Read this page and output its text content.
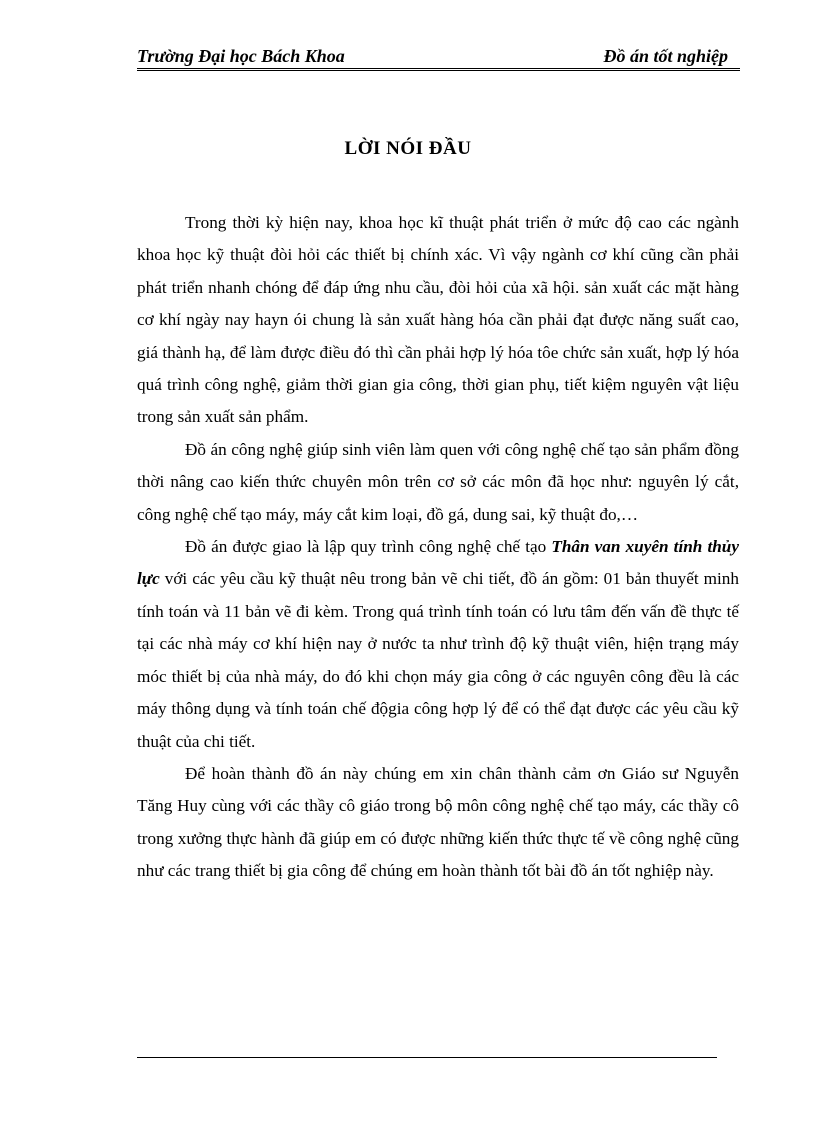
Trường Đại học Bách Khoa	Đồ án tốt nghiệp
LỜI NÓI ĐẦU

Trong thời kỳ hiện nay, khoa học kĩ thuật phát triển ở mức độ cao các ngành khoa học kỹ thuật đòi hỏi các thiết bị chính xác. Vì vậy ngành cơ khí cũng cần phải phát triển nhanh chóng để đáp ứng nhu cầu, đòi hỏi của xã hội. sản xuất các mặt hàng cơ khí ngày nay hayn ói chung là sản xuất hàng hóa cần phải đạt được năng suất cao, giá thành hạ, để làm được điều đó thì cần phải hợp lý hóa tôe chức sản xuất, hợp lý hóa quá trình công nghệ, giảm thời gian gia công, thời gian phụ, tiết kiệm nguyên vật liệu trong sản xuất sản phẩm.

Đồ án công nghệ giúp sinh viên làm quen với công nghệ chế tạo sản phẩm đồng thời nâng cao kiến thức chuyên môn trên cơ sở các môn đã học như: nguyên lý cắt, công nghệ chế tạo máy, máy cắt kim loại, đồ gá, dung sai, kỹ thuật đo,…

Đồ án được giao là lập quy trình công nghệ chế tạo Thân van xuyên tính thủy lực với các yêu cầu kỹ thuật nêu trong bản vẽ chi tiết, đồ án gồm: 01 bản thuyết minh tính toán và 11 bản vẽ đi kèm. Trong quá trình tính toán có lưu tâm đến vấn đề thực tế tại các nhà máy cơ khí hiện nay ở nước ta như trình độ kỹ thuật viên, hiện trạng máy móc thiết bị của nhà máy, do đó khi chọn máy gia công ở các nguyên công đều là các máy thông dụng và tính toán chế độgia công hợp lý để có thể đạt được các yêu cầu kỹ thuật của chi tiết.

Để hoàn thành đồ án này chúng em xin chân thành cảm ơn Giáo sư Nguyễn Tăng Huy cùng với các thầy cô giáo trong bộ môn công nghệ chế tạo máy, các thầy cô trong xưởng thực hành đã giúp em có được những kiến thức thực tế về công nghệ cũng như các trang thiết bị gia công để chúng em hoàn thành tốt bài đồ án tốt nghiệp này.
